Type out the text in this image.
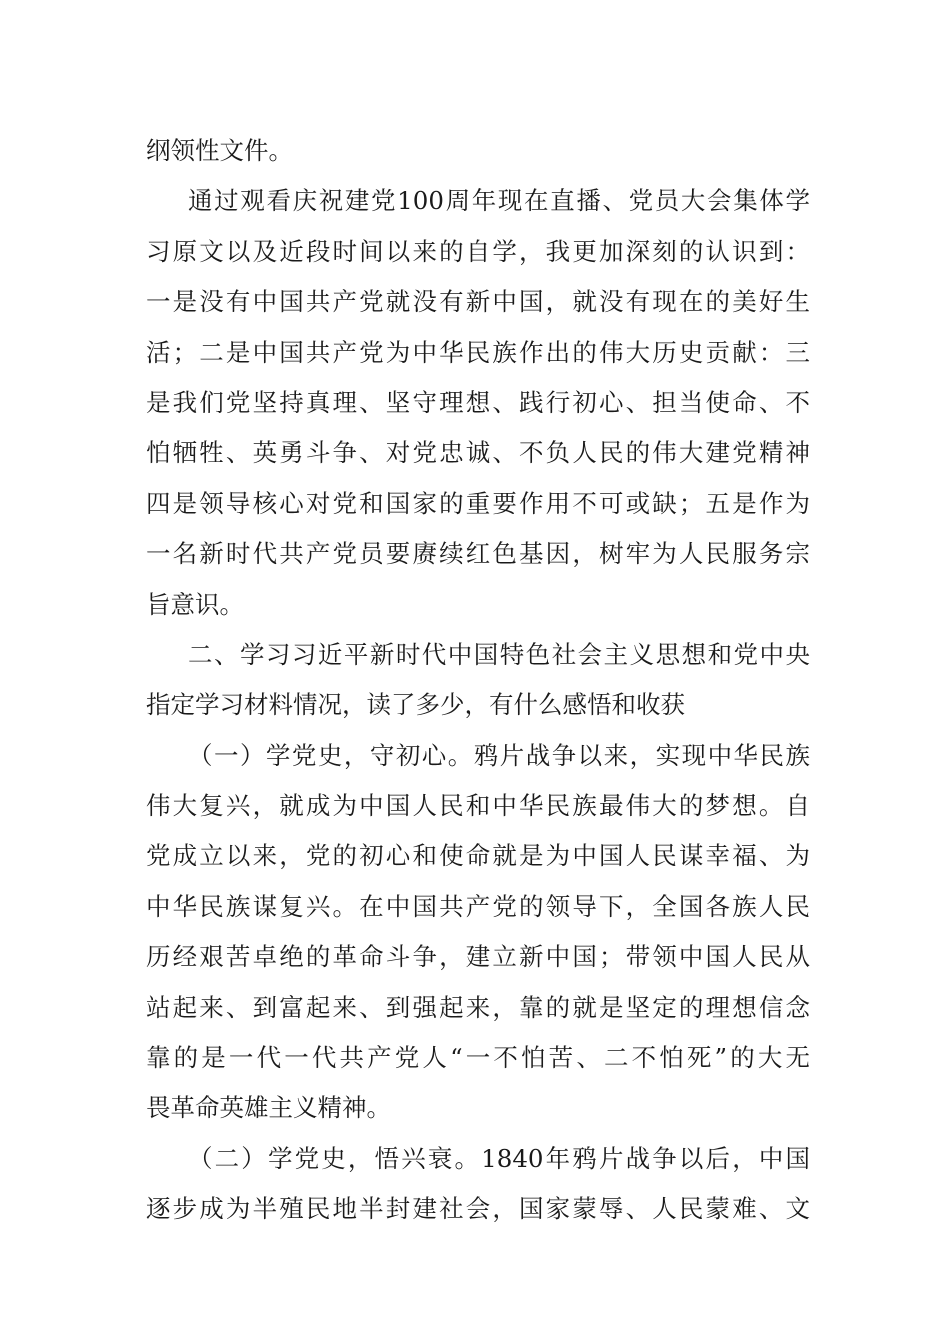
纲领性文件。
通过观看庆祝建党100周年现在直播、党员大会集体学
习原文以及近段时间以来的自学，我更加深刻的认识到：
一是没有中国共产党就没有新中国，就没有现在的美好生
活；二是中国共产党为中华民族作出的伟大历史贡献：三
是我们党坚持真理、坚守理想、践行初心、担当使命、不
怕牺牲、英勇斗争、对党忠诚、不负人民的伟大建党精神
四是领导核心对党和国家的重要作用不可或缺；五是作为
一名新时代共产党员要赓续红色基因，树牢为人民服务宗
旨意识。
二、学习习近平新时代中国特色社会主义思想和党中央
指定学习材料情况，读了多少，有什么感悟和收获
（一）学党史，守初心。鸦片战争以来，实现中华民族
伟大复兴，就成为中国人民和中华民族最伟大的梦想。自
党成立以来，党的初心和使命就是为中国人民谋幸福、为
中华民族谋复兴。在中国共产党的领导下，全国各族人民
历经艰苦卓绝的革命斗争，建立新中国；带领中国人民从
站起来、到富起来、到强起来，靠的就是坚定的理想信念
靠的是一代一代共产党人“一不怕苦、二不怕死”的大无
畏革命英雄主义精神。
（二）学党史，悟兴衰。1840年鸦片战争以后，中国
逐步成为半殖民地半封建社会，国家蒙辱、人民蒙难、文
